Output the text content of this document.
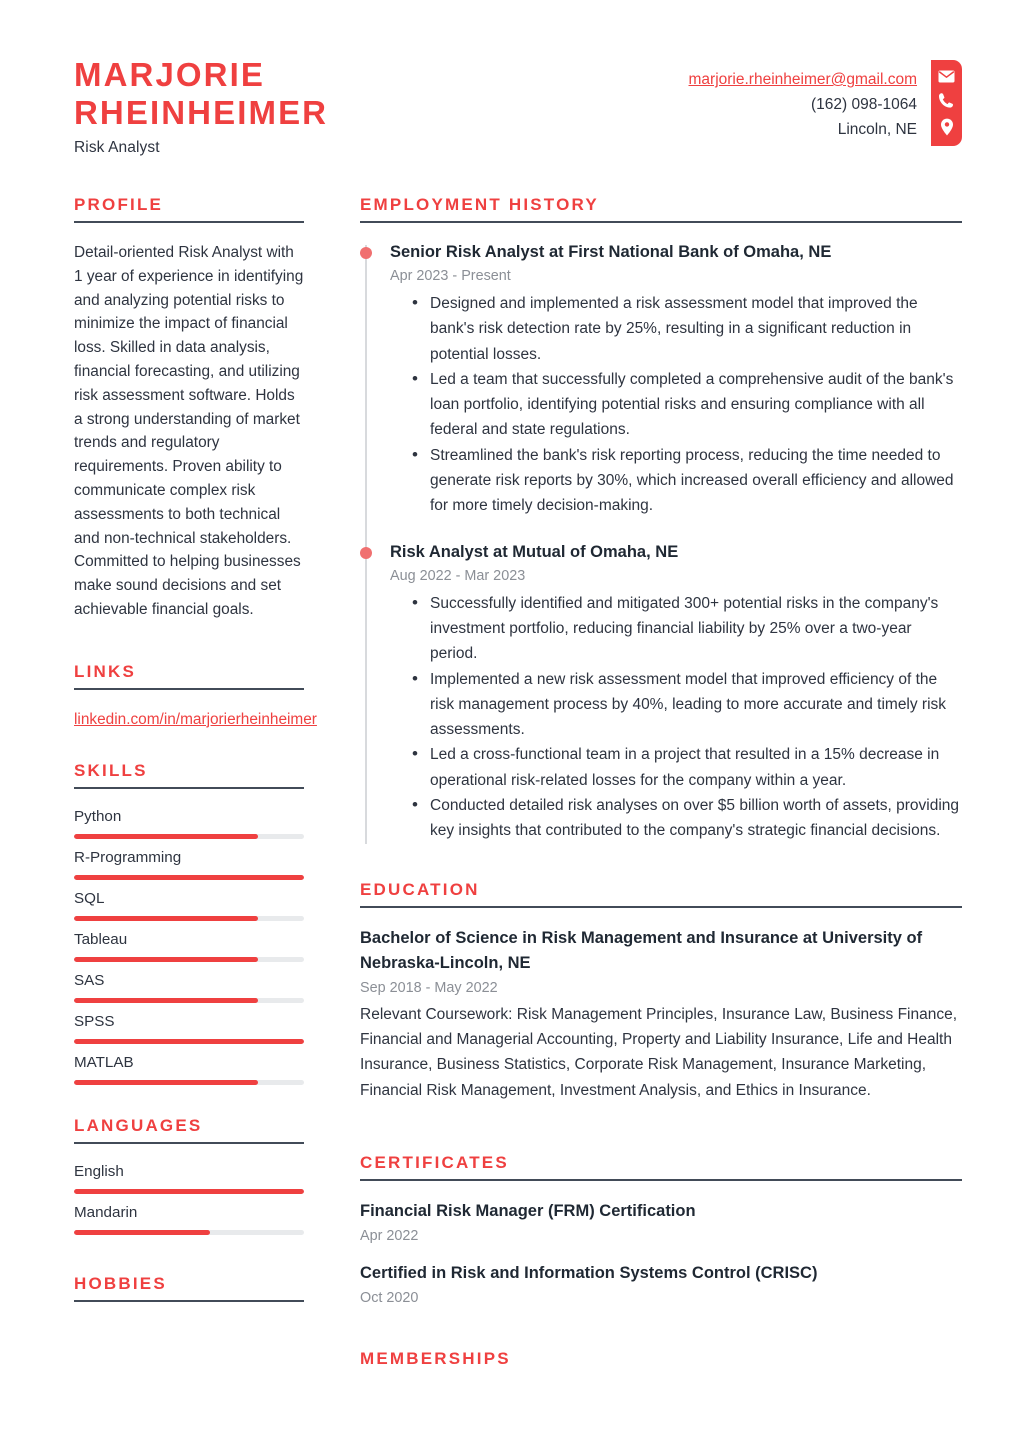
MARJORIE
RHEINHEIMER
Risk Analyst
marjorie.rheinheimer@gmail.com
(162) 098-1064
Lincoln, NE
PROFILE
Detail-oriented Risk Analyst with 1 year of experience in identifying and analyzing potential risks to minimize the impact of financial loss. Skilled in data analysis, financial forecasting, and utilizing risk assessment software. Holds a strong understanding of market trends and regulatory requirements. Proven ability to communicate complex risk assessments to both technical and non-technical stakeholders. Committed to helping businesses make sound decisions and set achievable financial goals.
LINKS
linkedin.com/in/marjorierheinheimer
SKILLS
Python
R-Programming
SQL
Tableau
SAS
SPSS
MATLAB
LANGUAGES
English
Mandarin
HOBBIES
EMPLOYMENT HISTORY
Senior Risk Analyst at First National Bank of Omaha, NE
Apr 2023 - Present
• Designed and implemented a risk assessment model that improved the bank's risk detection rate by 25%, resulting in a significant reduction in potential losses.
• Led a team that successfully completed a comprehensive audit of the bank's loan portfolio, identifying potential risks and ensuring compliance with all federal and state regulations.
• Streamlined the bank's risk reporting process, reducing the time needed to generate risk reports by 30%, which increased overall efficiency and allowed for more timely decision-making.
Risk Analyst at Mutual of Omaha, NE
Aug 2022 - Mar 2023
• Successfully identified and mitigated 300+ potential risks in the company's investment portfolio, reducing financial liability by 25% over a two-year period.
• Implemented a new risk assessment model that improved efficiency of the risk management process by 40%, leading to more accurate and timely risk assessments.
• Led a cross-functional team in a project that resulted in a 15% decrease in operational risk-related losses for the company within a year.
• Conducted detailed risk analyses on over $5 billion worth of assets, providing key insights that contributed to the company's strategic financial decisions.
EDUCATION
Bachelor of Science in Risk Management and Insurance at University of Nebraska-Lincoln, NE
Sep 2018 - May 2022
Relevant Coursework: Risk Management Principles, Insurance Law, Business Finance, Financial and Managerial Accounting, Property and Liability Insurance, Life and Health Insurance, Business Statistics, Corporate Risk Management, Insurance Marketing, Financial Risk Management, Investment Analysis, and Ethics in Insurance.
CERTIFICATES
Financial Risk Manager (FRM) Certification
Apr 2022
Certified in Risk and Information Systems Control (CRISC)
Oct 2020
MEMBERSHIPS
